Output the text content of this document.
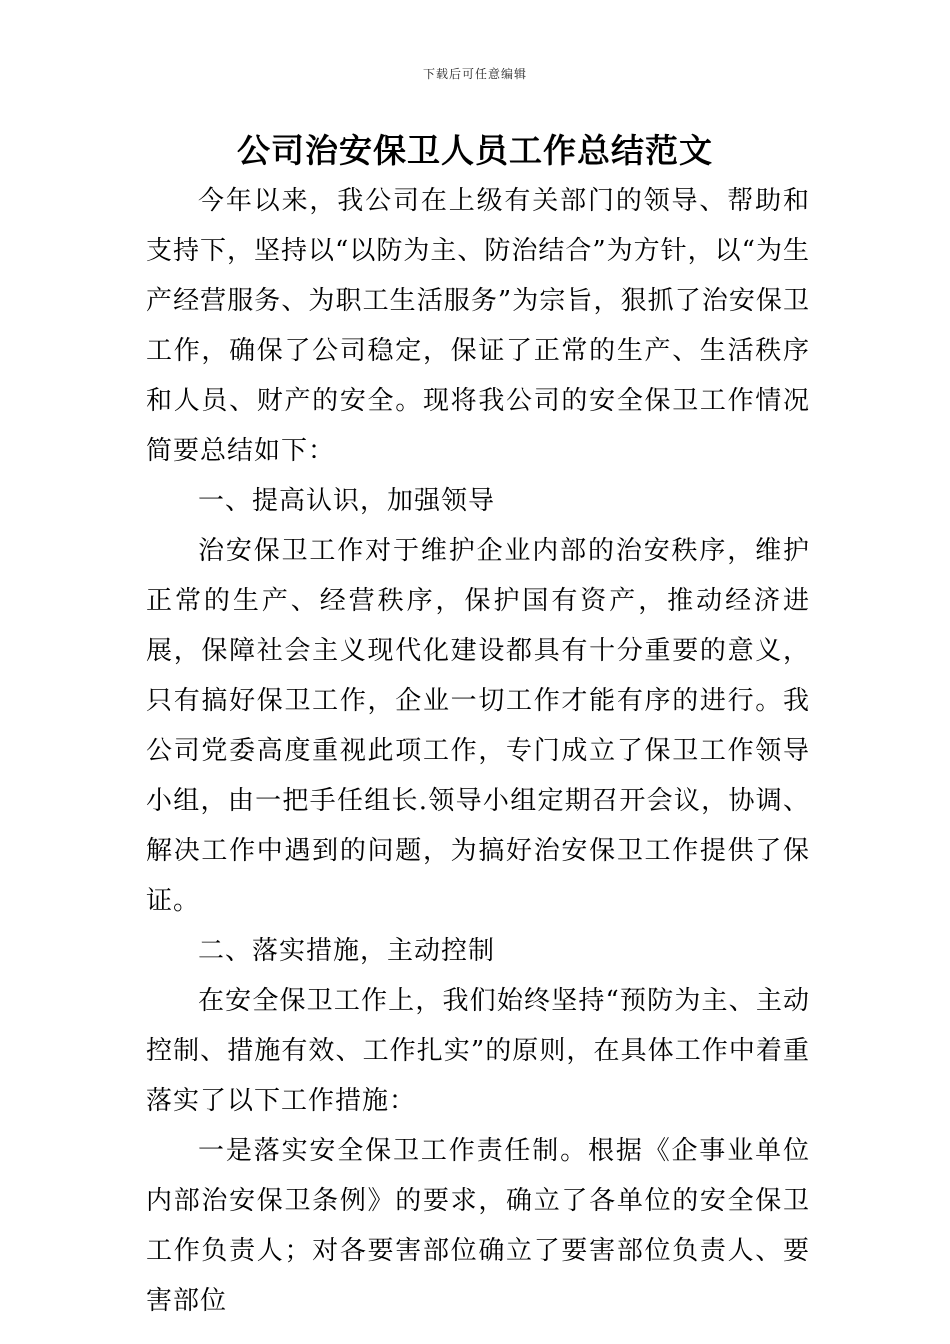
下载后可任意编辑
公司治安保卫人员工作总结范文

今年以来，我公司在上级有关部门的领导、帮助和支持下，坚持以“以防为主、防治结合”为方针，以“为生产经营服务、为职工生活服务”为宗旨，狠抓了治安保卫工作，确保了公司稳定，保证了正常的生产、生活秩序和人员、财产的安全。现将我公司的安全保卫工作情况简要总结如下：

一、提高认识，加强领导

治安保卫工作对于维护企业内部的治安秩序，维护正常的生产、经营秩序，保护国有资产，推动经济进展，保障社会主义现代化建设都具有十分重要的意义，只有搞好保卫工作，企业一切工作才能有序的进行。我公司党委高度重视此项工作，专门成立了保卫工作领导小组，由一把手任组长.领导小组定期召开会议，协调、解决工作中遇到的问题，为搞好治安保卫工作提供了保证。

二、落实措施，主动控制

在安全保卫工作上，我们始终坚持“预防为主、主动控制、措施有效、工作扎实”的原则，在具体工作中着重落实了以下工作措施：

一是落实安全保卫工作责任制。根据《企事业单位内部治安保卫条例》的要求，确立了各单位的安全保卫工作负责人；对各要害部位确立了要害部位负责人、要害部位
